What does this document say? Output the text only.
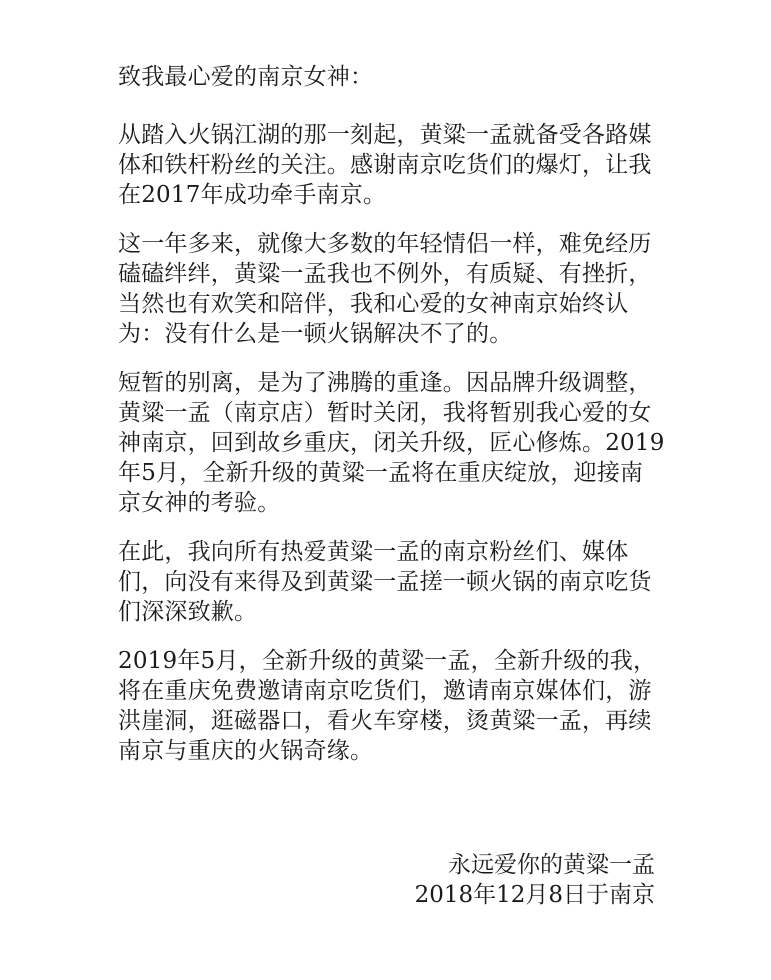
致我最心爱的南京女神：
从踏入火锅江湖的那一刻起，黄粱一孟就备受各路媒
体和铁杆粉丝的关注。感谢南京吃货们的爆灯，让我
在2017年成功牵手南京。
这一年多来，就像大多数的年轻情侣一样，难免经历
磕磕绊绊，黄粱一孟我也不例外，有质疑、有挫折，
当然也有欢笑和陪伴，我和心爱的女神南京始终认
为：没有什么是一顿火锅解决不了的。
短暂的别离，是为了沸腾的重逢。因品牌升级调整，
黄粱一孟（南京店）暂时关闭，我将暂别我心爱的女
神南京，回到故乡重庆，闭关升级，匠心修炼。2019
年5月，全新升级的黄粱一孟将在重庆绽放，迎接南
京女神的考验。
在此，我向所有热爱黄粱一孟的南京粉丝们、媒体
们，向没有来得及到黄粱一孟搓一顿火锅的南京吃货
们深深致歉。
2019年5月，全新升级的黄粱一孟，全新升级的我，
将在重庆免费邀请南京吃货们，邀请南京媒体们，游
洪崖洞，逛磁器口，看火车穿楼，烫黄粱一孟，再续
南京与重庆的火锅奇缘。
永远爱你的黄粱一孟
2018年12月8日于南京
